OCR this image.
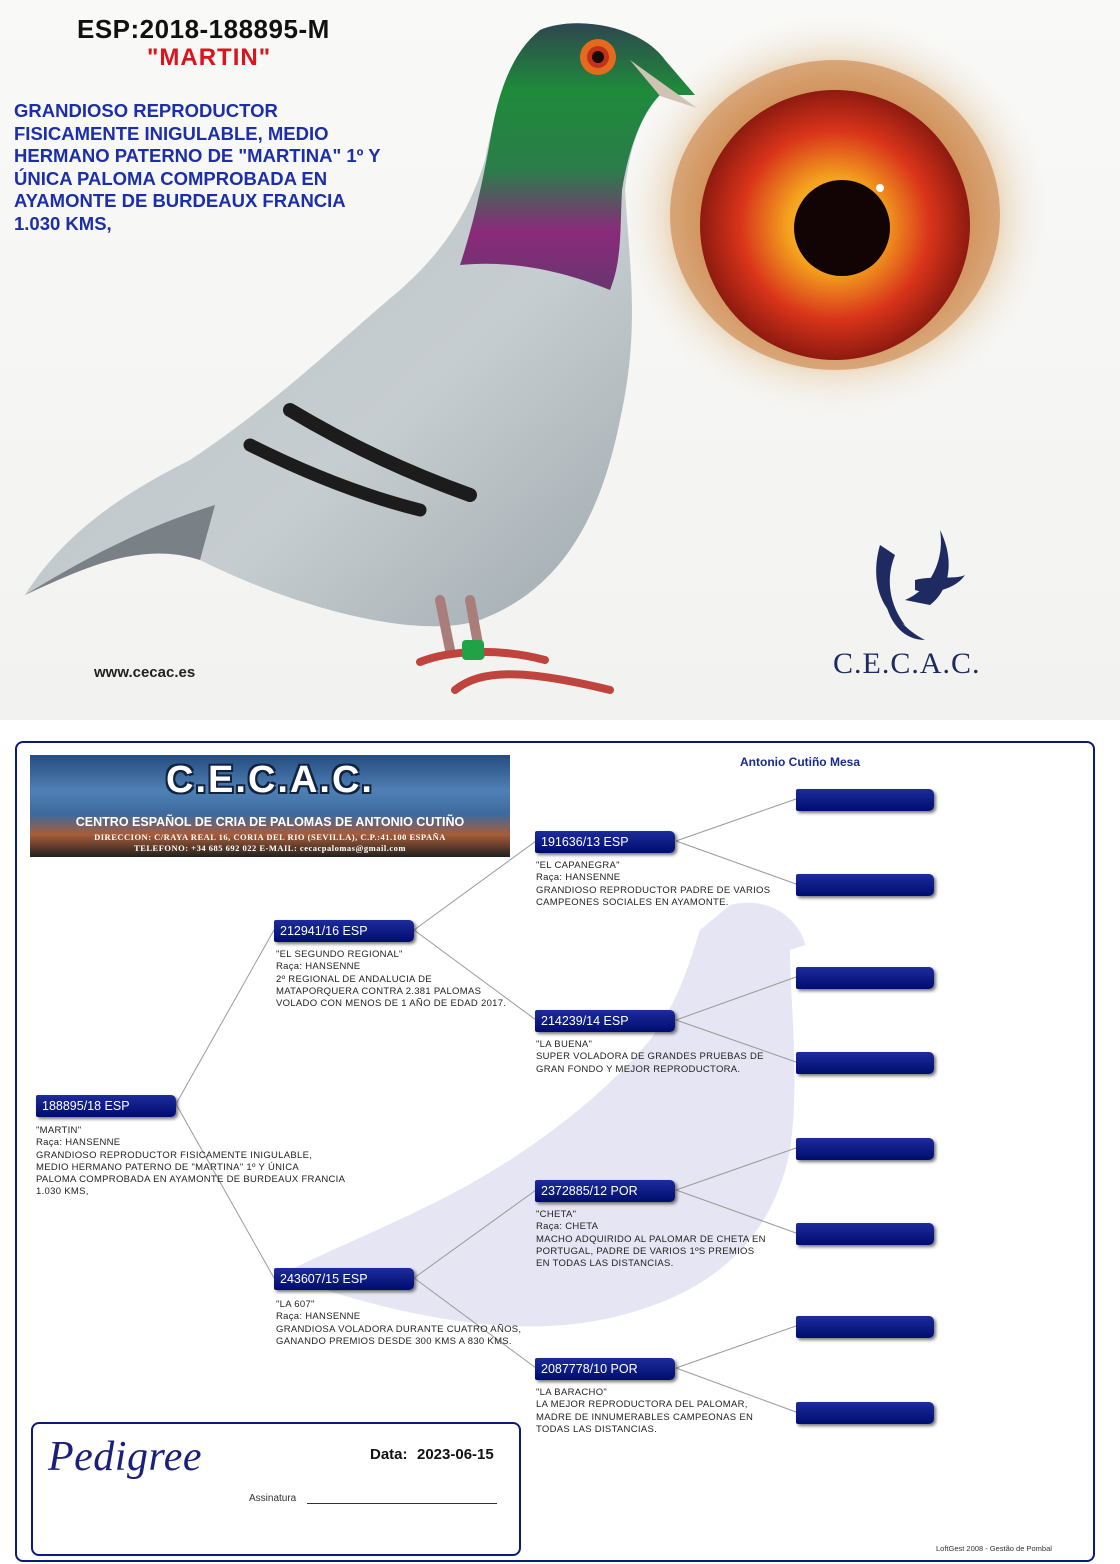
ESP:2018-188895-M
"MARTIN"

GRANDIOSO REPRODUCTOR
FISICAMENTE INIGULABLE, MEDIO
HERMANO PATERNO DE "MARTINA" 1º Y
ÚNICA PALOMA COMPROBADA EN
AYAMONTE DE BURDEAUX FRANCIA
1.030 KMS,

www.cecac.es	C.E.C.A.C.
Antonio Cutiño Mesa
C.E.C.A.C.
CENTRO ESPAÑOL DE CRIA DE PALOMAS DE ANTONIO CUTIÑO
DIRECCION: C/RAYA REAL 16, CORIA DEL RIO (SEVILLA), C.P.:41.100 ESPAÑA
TELEFONO: +34 685 692 022 E-MAIL: cecacpalomas@gmail.com
188895/18 ESP
"MARTIN"
Raça: HANSENNE
GRANDIOSO REPRODUCTOR FISICAMENTE INIGULABLE,
MEDIO HERMANO PATERNO DE "MARTINA" 1º Y ÚNICA
PALOMA COMPROBADA EN AYAMONTE DE BURDEAUX FRANCIA
1.030 KMS,
212941/16 ESP
"EL SEGUNDO REGIONAL"
Raça: HANSENNE
2º REGIONAL DE ANDALUCIA DE
MATAPORQUERA CONTRA 2.381 PALOMAS
VOLADO CON MENOS DE 1 AÑO DE EDAD 2017.
243607/15 ESP
"LA 607"
Raça: HANSENNE
GRANDIOSA VOLADORA DURANTE CUATRO AÑOS,
GANANDO PREMIOS DESDE 300 KMS A 830 KMS.
191636/13 ESP
"EL CAPANEGRA"
Raça: HANSENNE
GRANDIOSO REPRODUCTOR PADRE DE VARIOS
CAMPEONES SOCIALES EN AYAMONTE.
214239/14 ESP
"LA BUENA"
SUPER VOLADORA DE GRANDES PRUEBAS DE
GRAN FONDO Y MEJOR REPRODUCTORA.
2372885/12 POR
"CHETA"
Raça: CHETA
MACHO ADQUIRIDO AL PALOMAR DE CHETA EN
PORTUGAL, PADRE DE VARIOS 1ºS PREMIOS
EN TODAS LAS DISTANCIAS.
2087778/10 POR
"LA BARACHO"
LA MEJOR REPRODUCTORA DEL PALOMAR,
MADRE DE INNUMERABLES CAMPEONAS EN
TODAS LAS DISTANCIAS.
Pedigree	Data: 2023-06-15
Assinatura
LoftGest 2008 - Gestão de Pombal
